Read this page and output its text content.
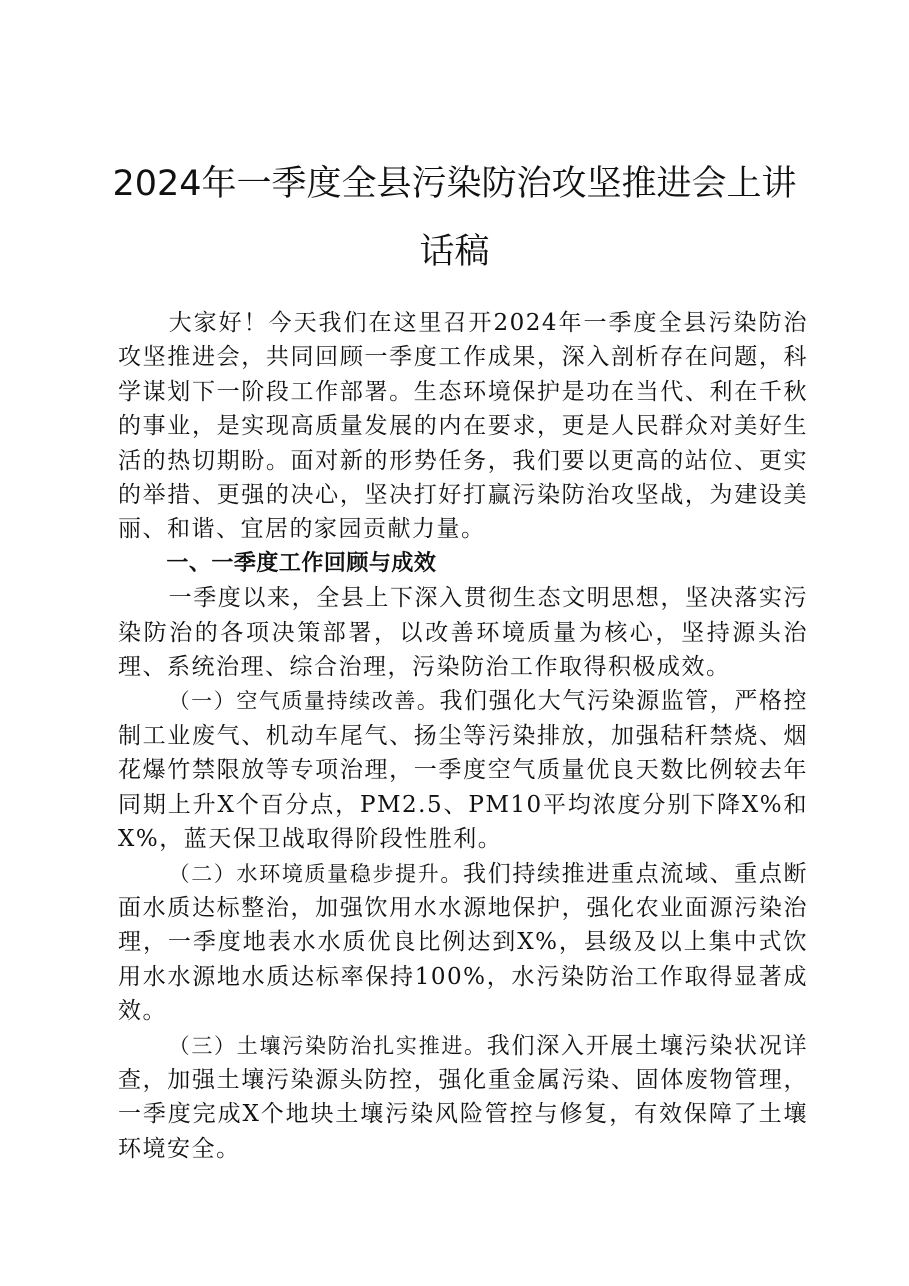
2024年一季度全县污染防治攻坚推进会上讲话稿

大家好！今天我们在这里召开2024年一季度全县污染防治攻坚推进会，共同回顾一季度工作成果，深入剖析存在问题，科学谋划下一阶段工作部署。生态环境保护是功在当代、利在千秋的事业，是实现高质量发展的内在要求，更是人民群众对美好生活的热切期盼。面对新的形势任务，我们要以更高的站位、更实的举措、更强的决心，坚决打好打赢污染防治攻坚战，为建设美丽、和谐、宜居的家园贡献力量。

一、一季度工作回顾与成效

一季度以来，全县上下深入贯彻生态文明思想，坚决落实污染防治的各项决策部署，以改善环境质量为核心，坚持源头治理、系统治理、综合治理，污染防治工作取得积极成效。

（一）空气质量持续改善。我们强化大气污染源监管，严格控制工业废气、机动车尾气、扬尘等污染排放，加强秸秆禁烧、烟花爆竹禁限放等专项治理，一季度空气质量优良天数比例较去年同期上升X个百分点，PM2.5、PM10平均浓度分别下降X%和X%，蓝天保卫战取得阶段性胜利。

（二）水环境质量稳步提升。我们持续推进重点流域、重点断面水质达标整治，加强饮用水水源地保护，强化农业面源污染治理，一季度地表水水质优良比例达到X%，县级及以上集中式饮用水水源地水质达标率保持100%，水污染防治工作取得显著成效。

（三）土壤污染防治扎实推进。我们深入开展土壤污染状况详查，加强土壤污染源头防控，强化重金属污染、固体废物管理，一季度完成X个地块土壤污染风险管控与修复，有效保障了土壤环境安全。
